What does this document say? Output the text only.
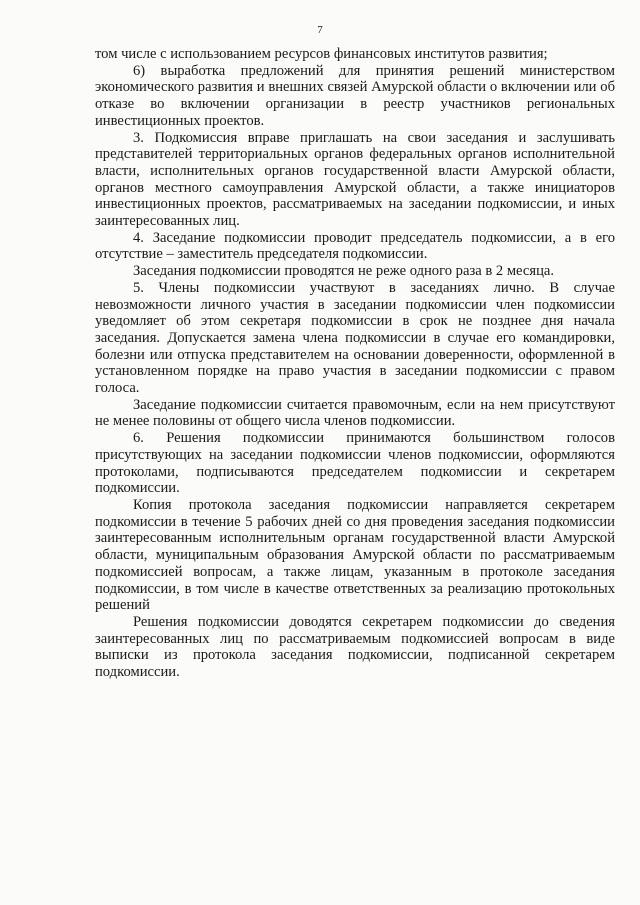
7

том числе с использованием ресурсов финансовых институтов развития;

6) выработка предложений для принятия решений министерством экономического развития и внешних связей Амурской области о включении или об отказе во включении организации в реестр участников региональных инвестиционных проектов.

3. Подкомиссия вправе приглашать на свои заседания и заслушивать представителей территориальных органов федеральных органов исполнительной власти, исполнительных органов государственной власти Амурской области, органов местного самоуправления Амурской области, а также инициаторов инвестиционных проектов, рассматриваемых на заседании подкомиссии, и иных заинтересованных лиц.

4. Заседание подкомиссии проводит председатель подкомиссии, а в его отсутствие – заместитель председателя подкомиссии.

Заседания подкомиссии проводятся не реже одного раза в 2 месяца.

5. Члены подкомиссии участвуют в заседаниях лично. В случае невозможности личного участия в заседании подкомиссии член подкомиссии уведомляет об этом секретаря подкомиссии в срок не позднее дня начала заседания. Допускается замена члена подкомиссии в случае его командировки, болезни или отпуска представителем на основании доверенности, оформленной в установленном порядке на право участия в заседании подкомиссии с правом голоса.

Заседание подкомиссии считается правомочным, если на нем присутствуют не менее половины от общего числа членов подкомиссии.

6. Решения подкомиссии принимаются большинством голосов присутствующих на заседании подкомиссии членов подкомиссии, оформляются протоколами, подписываются председателем подкомиссии и секретарем подкомиссии.

Копия протокола заседания подкомиссии направляется секретарем подкомиссии в течение 5 рабочих дней со дня проведения заседания подкомиссии заинтересованным исполнительным органам государственной власти Амурской области, муниципальным образования Амурской области по рассматриваемым подкомиссией вопросам, а также лицам, указанным в протоколе заседания подкомиссии, в том числе в качестве ответственных за реализацию протокольных решений

Решения подкомиссии доводятся секретарем подкомиссии до сведения заинтересованных лиц по рассматриваемым подкомиссией вопросам в виде выписки из протокола заседания подкомиссии, подписанной секретарем подкомиссии.
